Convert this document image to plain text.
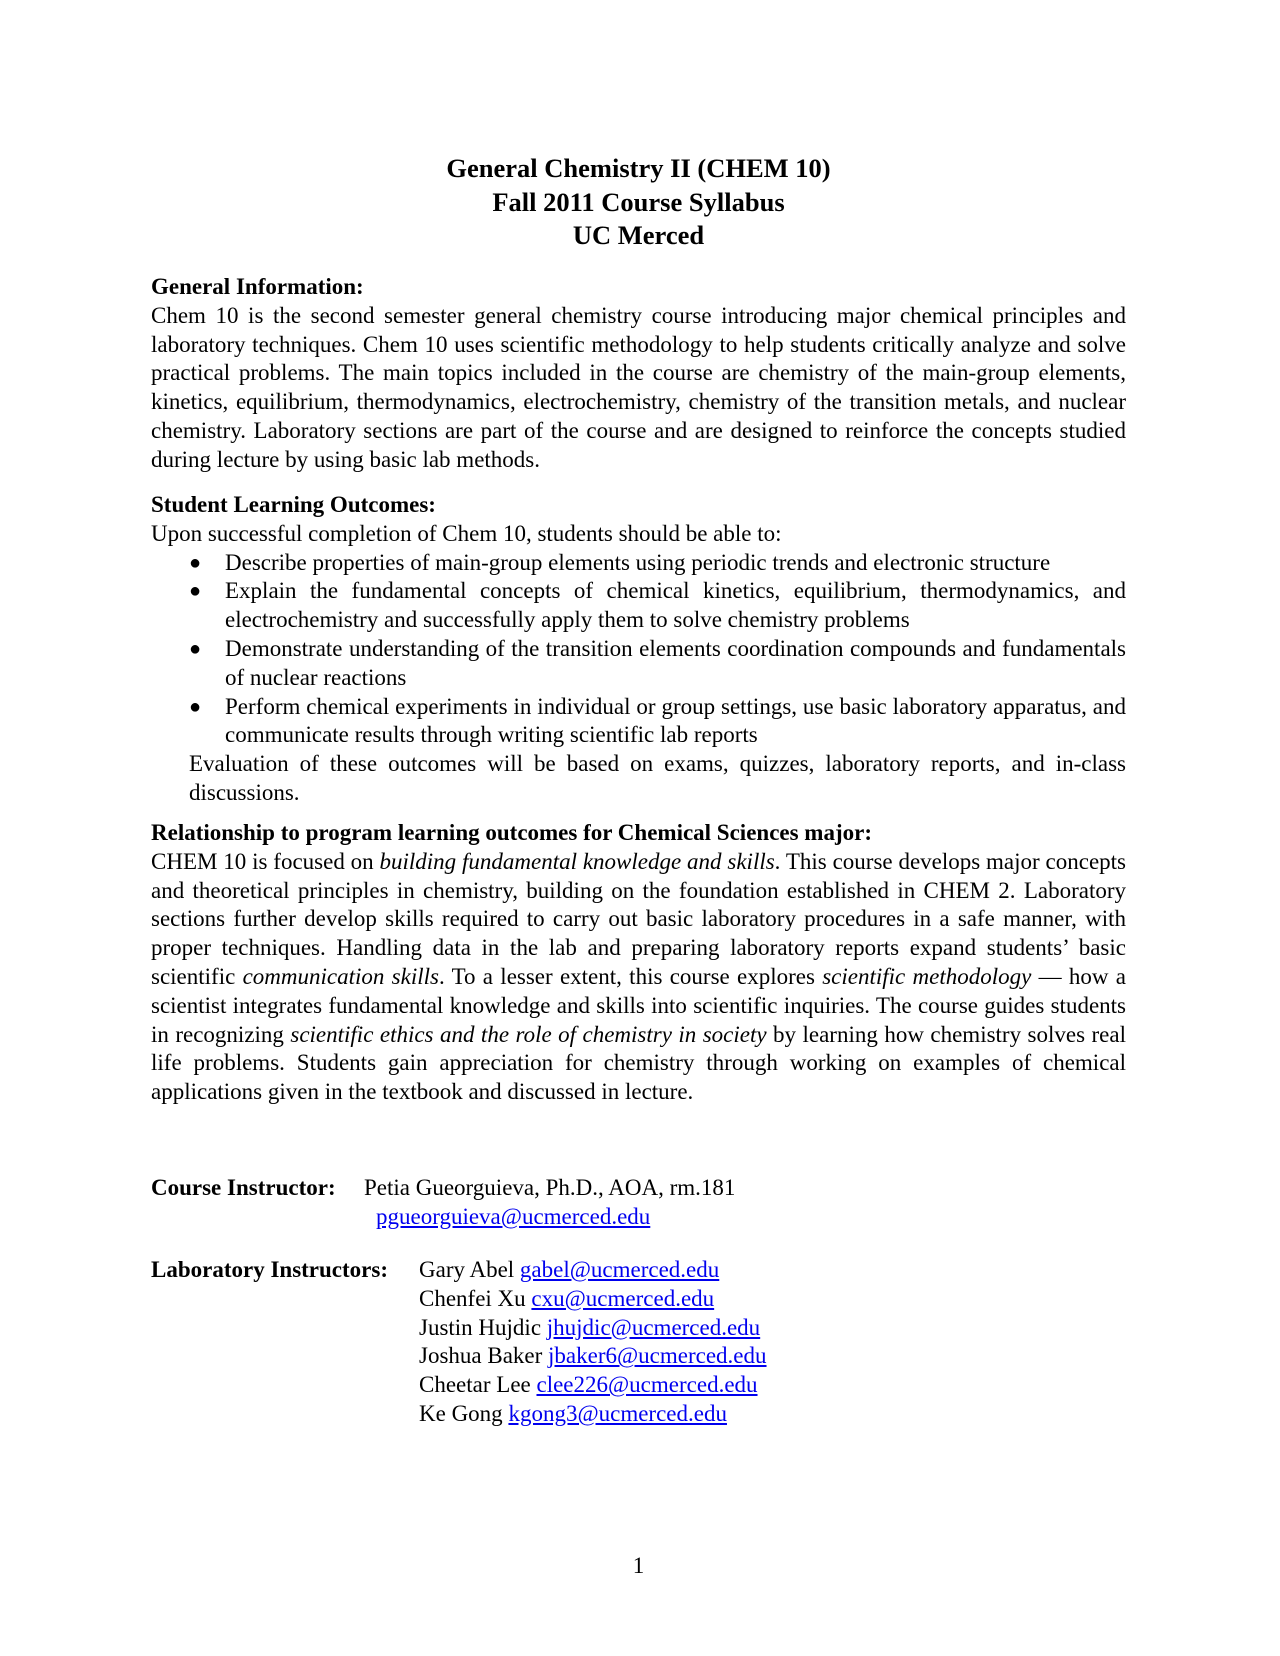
General Chemistry II (CHEM 10)
Fall 2011 Course Syllabus
UC Merced
General Information:

Chem 10 is the second semester general chemistry course introducing major chemical principles and laboratory techniques. Chem 10 uses scientific methodology to help students critically analyze and solve practical problems. The main topics included in the course are chemistry of the main-group elements, kinetics, equilibrium, thermodynamics, electrochemistry, chemistry of the transition metals, and nuclear chemistry. Laboratory sections are part of the course and are designed to reinforce the concepts studied during lecture by using basic lab methods.

Student Learning Outcomes:

Upon successful completion of Chem 10, students should be able to:

● Describe properties of main-group elements using periodic trends and electronic structure
● Explain the fundamental concepts of chemical kinetics, equilibrium, thermodynamics, and electrochemistry and successfully apply them to solve chemistry problems
● Demonstrate understanding of the transition elements coordination compounds and fundamentals of nuclear reactions
● Perform chemical experiments in individual or group settings, use basic laboratory apparatus, and communicate results through writing scientific lab reports

Evaluation of these outcomes will be based on exams, quizzes, laboratory reports, and in-class discussions.

Relationship to program learning outcomes for Chemical Sciences major:

CHEM 10 is focused on building fundamental knowledge and skills. This course develops major concepts and theoretical principles in chemistry, building on the foundation established in CHEM 2. Laboratory sections further develop skills required to carry out basic laboratory procedures in a safe manner, with proper techniques. Handling data in the lab and preparing laboratory reports expand students’ basic scientific communication skills. To a lesser extent, this course explores scientific methodology — how a scientist integrates fundamental knowledge and skills into scientific inquiries. The course guides students in recognizing scientific ethics and the role of chemistry in society by learning how chemistry solves real life problems. Students gain appreciation for chemistry through working on examples of chemical applications given in the textbook and discussed in lecture.

Course Instructor: Petia Gueorguieva, Ph.D., AOA, rm.181
pgueorguieva@ucmerced.edu
Laboratory Instructors: Gary Abel gabel@ucmerced.edu
Chenfei Xu cxu@ucmerced.edu
Justin Hujdic jhujdic@ucmerced.edu
Joshua Baker jbaker6@ucmerced.edu
Cheetar Lee clee226@ucmerced.edu
Ke Gong kgong3@ucmerced.edu
1
